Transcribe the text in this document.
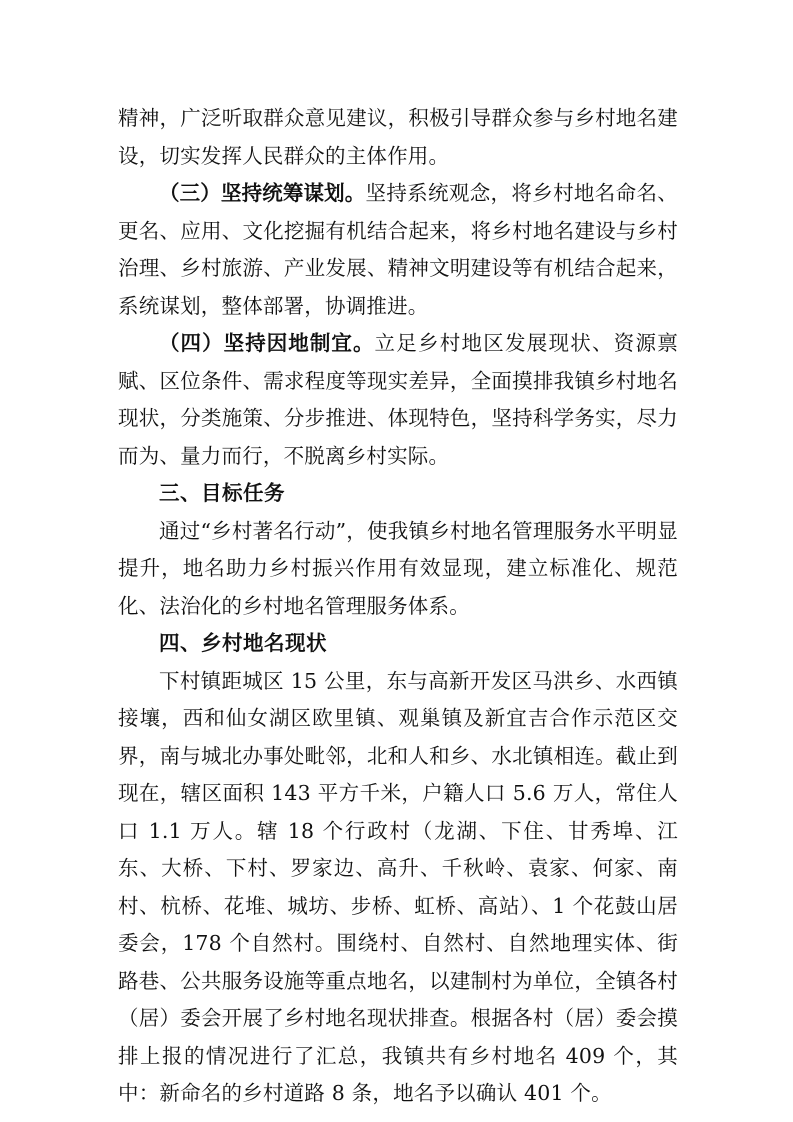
精神，广泛听取群众意见建议，积极引导群众参与乡村地名建设，切实发挥人民群众的主体作用。

（三）坚持统筹谋划。坚持系统观念，将乡村地名命名、更名、应用、文化挖掘有机结合起来，将乡村地名建设与乡村治理、乡村旅游、产业发展、精神文明建设等有机结合起来，系统谋划，整体部署，协调推进。

（四）坚持因地制宜。立足乡村地区发展现状、资源禀赋、区位条件、需求程度等现实差异，全面摸排我镇乡村地名现状，分类施策、分步推进、体现特色，坚持科学务实，尽力而为、量力而行，不脱离乡村实际。

三、目标任务

通过“乡村著名行动”，使我镇乡村地名管理服务水平明显提升，地名助力乡村振兴作用有效显现，建立标准化、规范化、法治化的乡村地名管理服务体系。

四、乡村地名现状

下村镇距城区 15 公里，东与高新开发区马洪乡、水西镇接壤，西和仙女湖区欧里镇、观巢镇及新宜吉合作示范区交界，南与城北办事处毗邻，北和人和乡、水北镇相连。截止到现在，辖区面积 143 平方千米，户籍人口 5.6 万人，常住人口 1.1 万人。辖 18 个行政村（龙湖、下住、甘秀埠、江东、大桥、下村、罗家边、高升、千秋岭、袁家、何家、南村、杭桥、花堆、城坊、步桥、虹桥、高站）、1 个花鼓山居委会，178 个自然村。围绕村、自然村、自然地理实体、街路巷、公共服务设施等重点地名，以建制村为单位，全镇各村（居）委会开展了乡村地名现状排查。根据各村（居）委会摸排上报的情况进行了汇总，我镇共有乡村地名 409 个，其中：新命名的乡村道路 8 条，地名予以确认 401 个。
